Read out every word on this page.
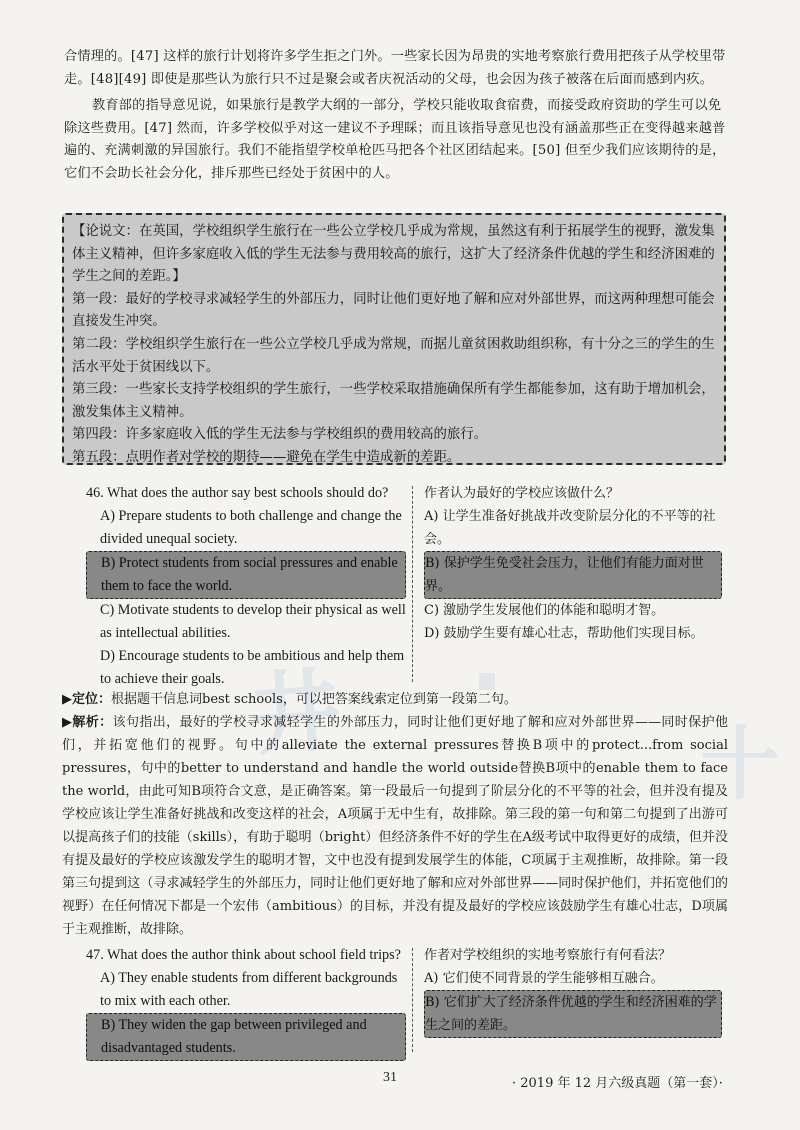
井 ·
十

合情理的。[47] 这样的旅行计划将许多学生拒之门外。一些家长因为昂贵的实地考察旅行费用把孩子从学校里带走。[48][49] 即使是那些认为旅行只不过是聚会或者庆祝活动的父母，也会因为孩子被落在后面而感到内疚。

教育部的指导意见说，如果旅行是教学大纲的一部分，学校只能收取食宿费，而接受政府资助的学生可以免除这些费用。[47] 然而，许多学校似乎对这一建议不予理睬；而且该指导意见也没有涵盖那些正在变得越来越普遍的、充满刺激的异国旅行。我们不能指望学校单枪匹马把各个社区团结起来。[50] 但至少我们应该期待的是，它们不会助长社会分化，排斥那些已经处于贫困中的人。

【论说文：在英国，学校组织学生旅行在一些公立学校几乎成为常规，虽然这有利于拓展学生的视野，激发集体主义精神，但许多家庭收入低的学生无法参与费用较高的旅行，这扩大了经济条件优越的学生和经济困难的学生之间的差距。】

第一段：最好的学校寻求减轻学生的外部压力，同时让他们更好地了解和应对外部世界，而这两种理想可能会直接发生冲突。

第二段：学校组织学生旅行在一些公立学校几乎成为常规，而据儿童贫困救助组织称，有十分之三的学生的生活水平处于贫困线以下。

第三段：一些家长支持学校组织的学生旅行，一些学校采取措施确保所有学生都能参加，这有助于增加机会，激发集体主义精神。

第四段：许多家庭收入低的学生无法参与学校组织的费用较高的旅行。

第五段：点明作者对学校的期待——避免在学生中造成新的差距。

46. What does the author say best schools should do?

A) Prepare students to both challenge and change the divided unequal society.

B) Protect students from social pressures and enable them to face the world.

C) Motivate students to develop their physical as well as intellectual abilities.

D) Encourage students to be ambitious and help them to achieve their goals.

作者认为最好的学校应该做什么？

A) 让学生准备好挑战并改变阶层分化的不平等的社会。

B) 保护学生免受社会压力，让他们有能力面对世界。

C) 激励学生发展他们的体能和聪明才智。

D) 鼓励学生要有雄心壮志，帮助他们实现目标。

▶定位：根据题干信息词best schools，可以把答案线索定位到第一段第二句。

▶解析：该句指出，最好的学校寻求减轻学生的外部压力，同时让他们更好地了解和应对外部世界——同时保护他们，并拓宽他们的视野。句中的alleviate the external pressures替换B项中的protect...from social pressures，句中的better to understand and handle the world outside替换B项中的enable them to face the world，由此可知B项符合文意，是正确答案。第一段最后一句提到了阶层分化的不平等的社会，但并没有提及学校应该让学生准备好挑战和改变这样的社会，A项属于无中生有，故排除。第三段的第一句和第二句提到了出游可以提高孩子们的技能（skills），有助于聪明（bright）但经济条件不好的学生在A级考试中取得更好的成绩，但并没有提及最好的学校应该激发学生的聪明才智，文中也没有提到发展学生的体能，C项属于主观推断，故排除。第一段第三句提到这（寻求减轻学生的外部压力，同时让他们更好地了解和应对外部世界——同时保护他们，并拓宽他们的视野）在任何情况下都是一个宏伟（ambitious）的目标，并没有提及最好的学校应该鼓励学生有雄心壮志，D项属于主观推断，故排除。

47. What does the author think about school field trips?

A) They enable students from different backgrounds to mix with each other.

B) They widen the gap between privileged and disadvantaged students.

作者对学校组织的实地考察旅行有何看法？

A) 它们使不同背景的学生能够相互融合。

B) 它们扩大了经济条件优越的学生和经济困难的学生之间的差距。

31	· 2019 年 12 月六级真题（第一套）·
